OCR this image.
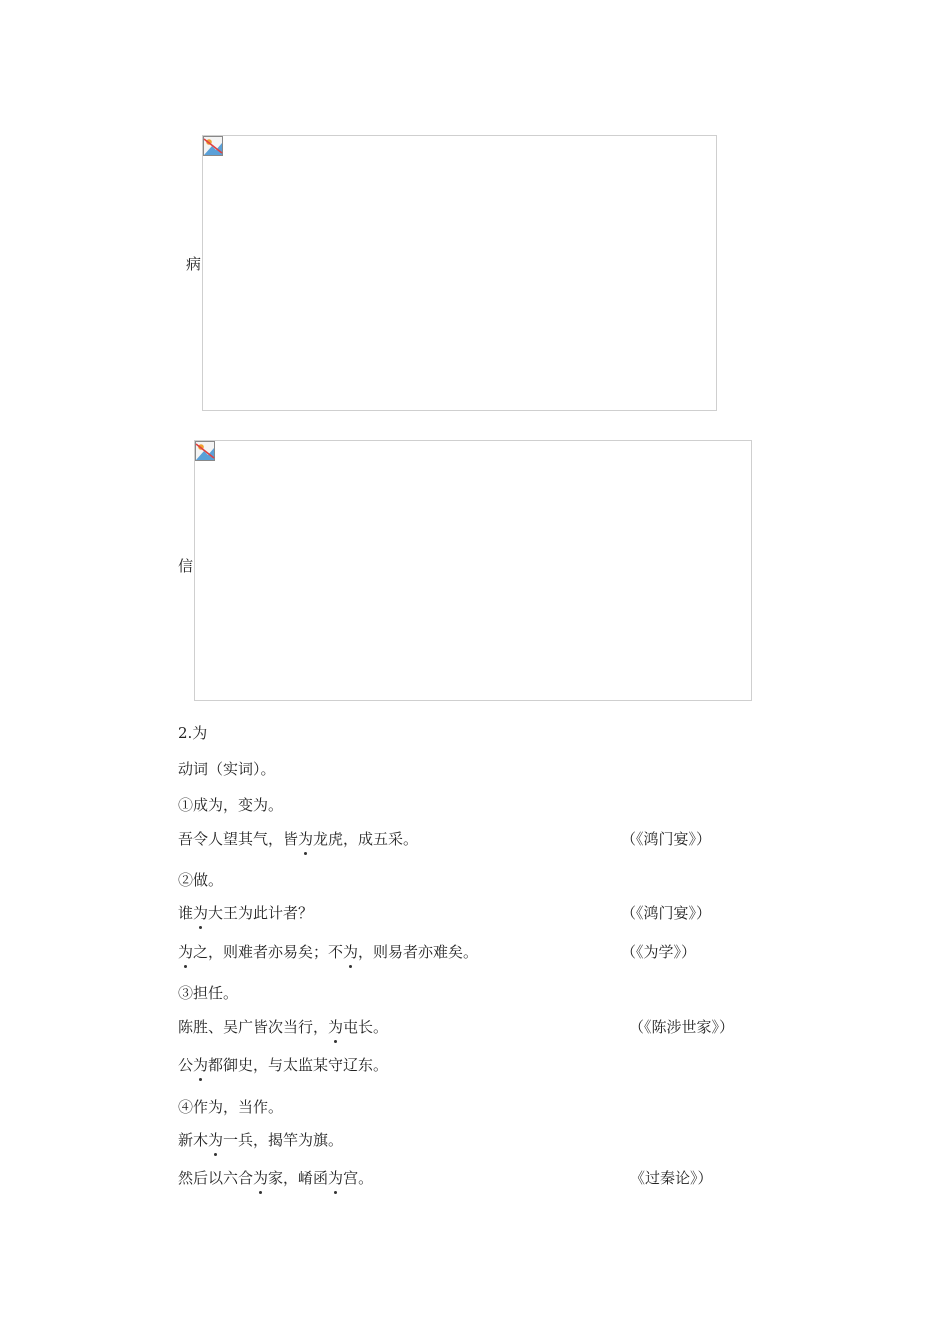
病
信
2.为
动词（实词）。
①成为，变为。
吾令人望其气，皆为龙虎，成五采。	（《鸿门宴》）
②做。
谁为大王为此计者？	（《鸿门宴》）
为之，则难者亦易矣；不为，则易者亦难矣。	（《为学》）
③担任。
陈胜、吴广皆次当行，为屯长。	（《陈涉世家》）
公为都御史，与太监某守辽东。
④作为，当作。
新木为一兵，揭竿为旗。
然后以六合为家，崤函为宫。	《过秦论》）
